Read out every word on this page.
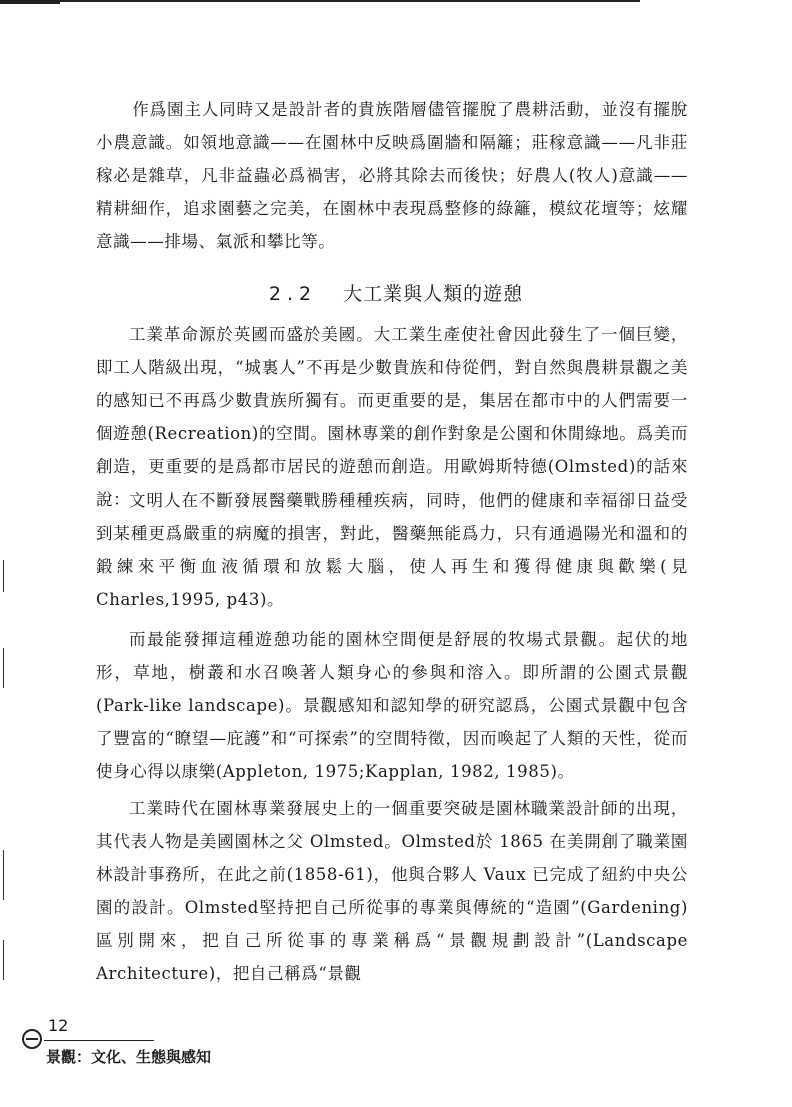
作爲園主人同時又是設計者的貴族階層儘管擺脫了農耕活動，並沒有擺脫小農意識。如領地意識——在園林中反映爲圍牆和隔籬；莊稼意識——凡非莊稼必是雜草，凡非益蟲必爲禍害，必將其除去而後快；好農人(牧人)意識——精耕細作，追求園藝之完美，在園林中表現爲整修的綠籬，模紋花壇等；炫耀意識——排場、氣派和攀比等。

2.2 大工業與人類的遊憩

工業革命源於英國而盛於美國。大工業生產使社會因此發生了一個巨變，即工人階級出現，“城裏人”不再是少數貴族和侍從們，對自然與農耕景觀之美的感知已不再爲少數貴族所獨有。而更重要的是，集居在都市中的人們需要一個遊憩(Recreation)的空間。園林專業的創作對象是公園和休閒綠地。爲美而創造，更重要的是爲都市居民的遊憩而創造。用歐姆斯特德(Olmsted)的話來說：

文明人在不斷發展醫藥戰勝種種疾病，同時，他們的健康和幸福卻日益受到某種更爲嚴重的病魔的損害，對此，醫藥無能爲力，只有通過陽光和溫和的鍛練來平衡血液循環和放鬆大腦，使人再生和獲得健康與歡樂(見 Charles,1995, p43)。

而最能發揮這種遊憩功能的園林空間便是舒展的牧場式景觀。起伏的地形，草地，樹叢和水召喚著人類身心的參與和溶入。即所謂的公園式景觀(Park-like landscape)。景觀感知和認知學的研究認爲，公園式景觀中包含了豐富的“瞭望—庇護”和“可探索”的空間特徵，因而喚起了人類的天性，從而使身心得以康樂(Appleton, 1975;Kapplan, 1982, 1985)。

工業時代在園林專業發展史上的一個重要突破是園林職業設計師的出現，其代表人物是美國園林之父 Olmsted。Olmsted於 1865 在美開創了職業園林設計事務所，在此之前(1858-61)，他與合夥人 Vaux 已完成了紐約中央公園的設計。Olmsted堅持把自己所從事的專業與傳統的“造園”(Gardening)區別開來，把自己所從事的專業稱爲“景觀規劃設計”(Landscape Architecture)，把自己稱爲“景觀

12
景觀：文化、生態與感知
